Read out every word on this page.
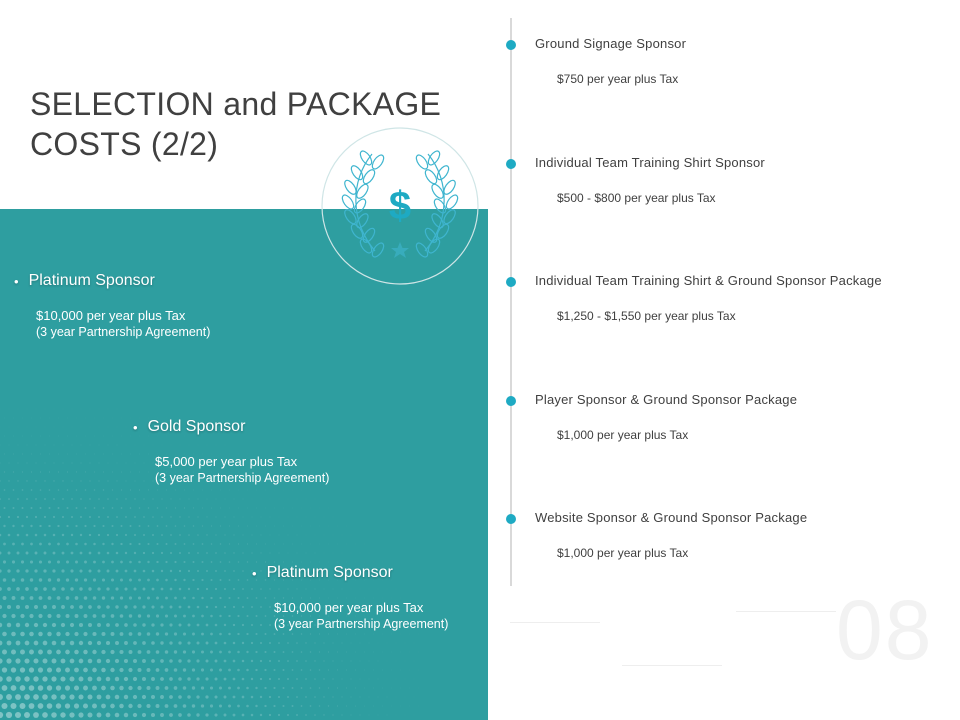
SELECTION and PACKAGE COSTS (2/2)
$
• Platinum Sponsor
$10,000 per year plus Tax
(3 year Partnership Agreement)
• Gold Sponsor
$5,000 per year plus Tax
(3 year Partnership Agreement)
• Platinum Sponsor
$10,000 per year plus Tax
(3 year Partnership Agreement)
Ground Signage Sponsor
$750 per year plus Tax
Individual Team Training Shirt Sponsor
$500 - $800 per year plus Tax
Individual Team Training Shirt & Ground Sponsor Package
$1,250 - $1,550 per year plus Tax
Player Sponsor & Ground Sponsor Package
$1,000 per year plus Tax
Website Sponsor & Ground Sponsor Package
$1,000 per year plus Tax
08
